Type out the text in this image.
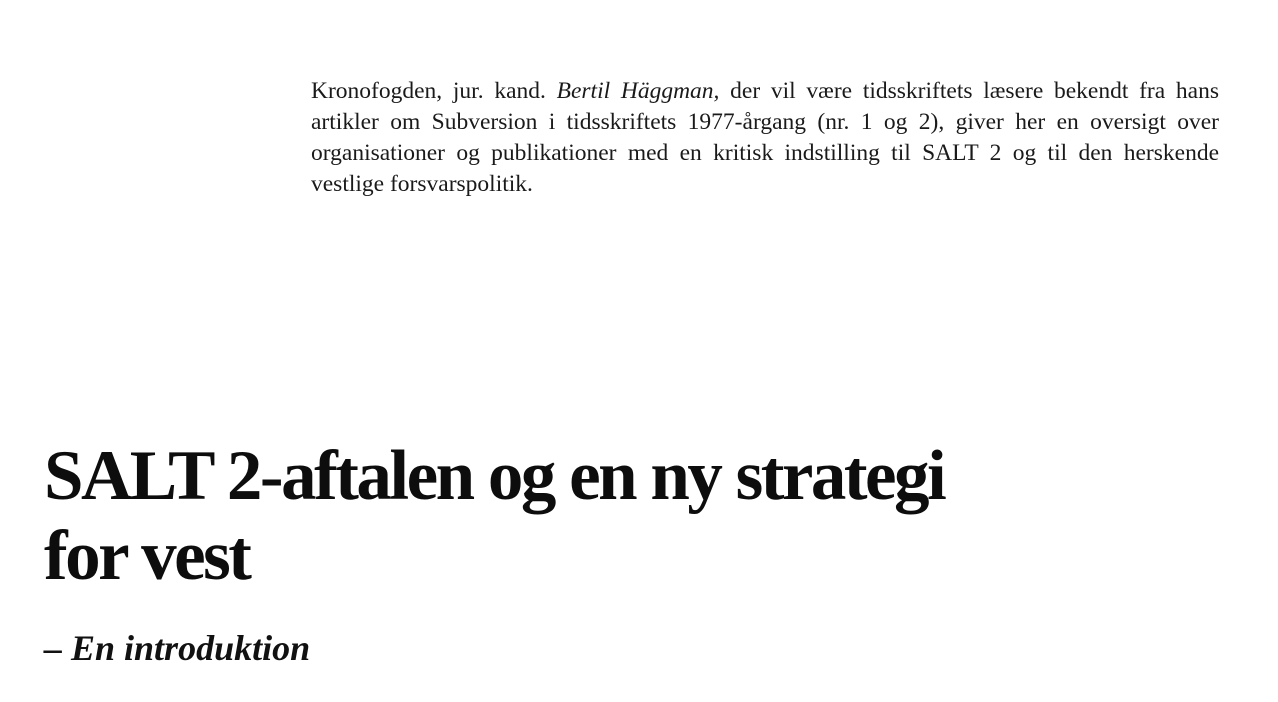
Kronofogden, jur. kand. Bertil Häggman, der vil være tidsskriftets læsere bekendt fra hans artikler om Subversion i tidsskriftets 1977-årgang (nr. 1 og 2), giver her en oversigt over organisationer og publikationer med en kritisk indstilling til SALT 2 og til den herskende vestlige forsvarspolitik.

SALT 2-aftalen og en ny strategi
for vest
– En introduktion
